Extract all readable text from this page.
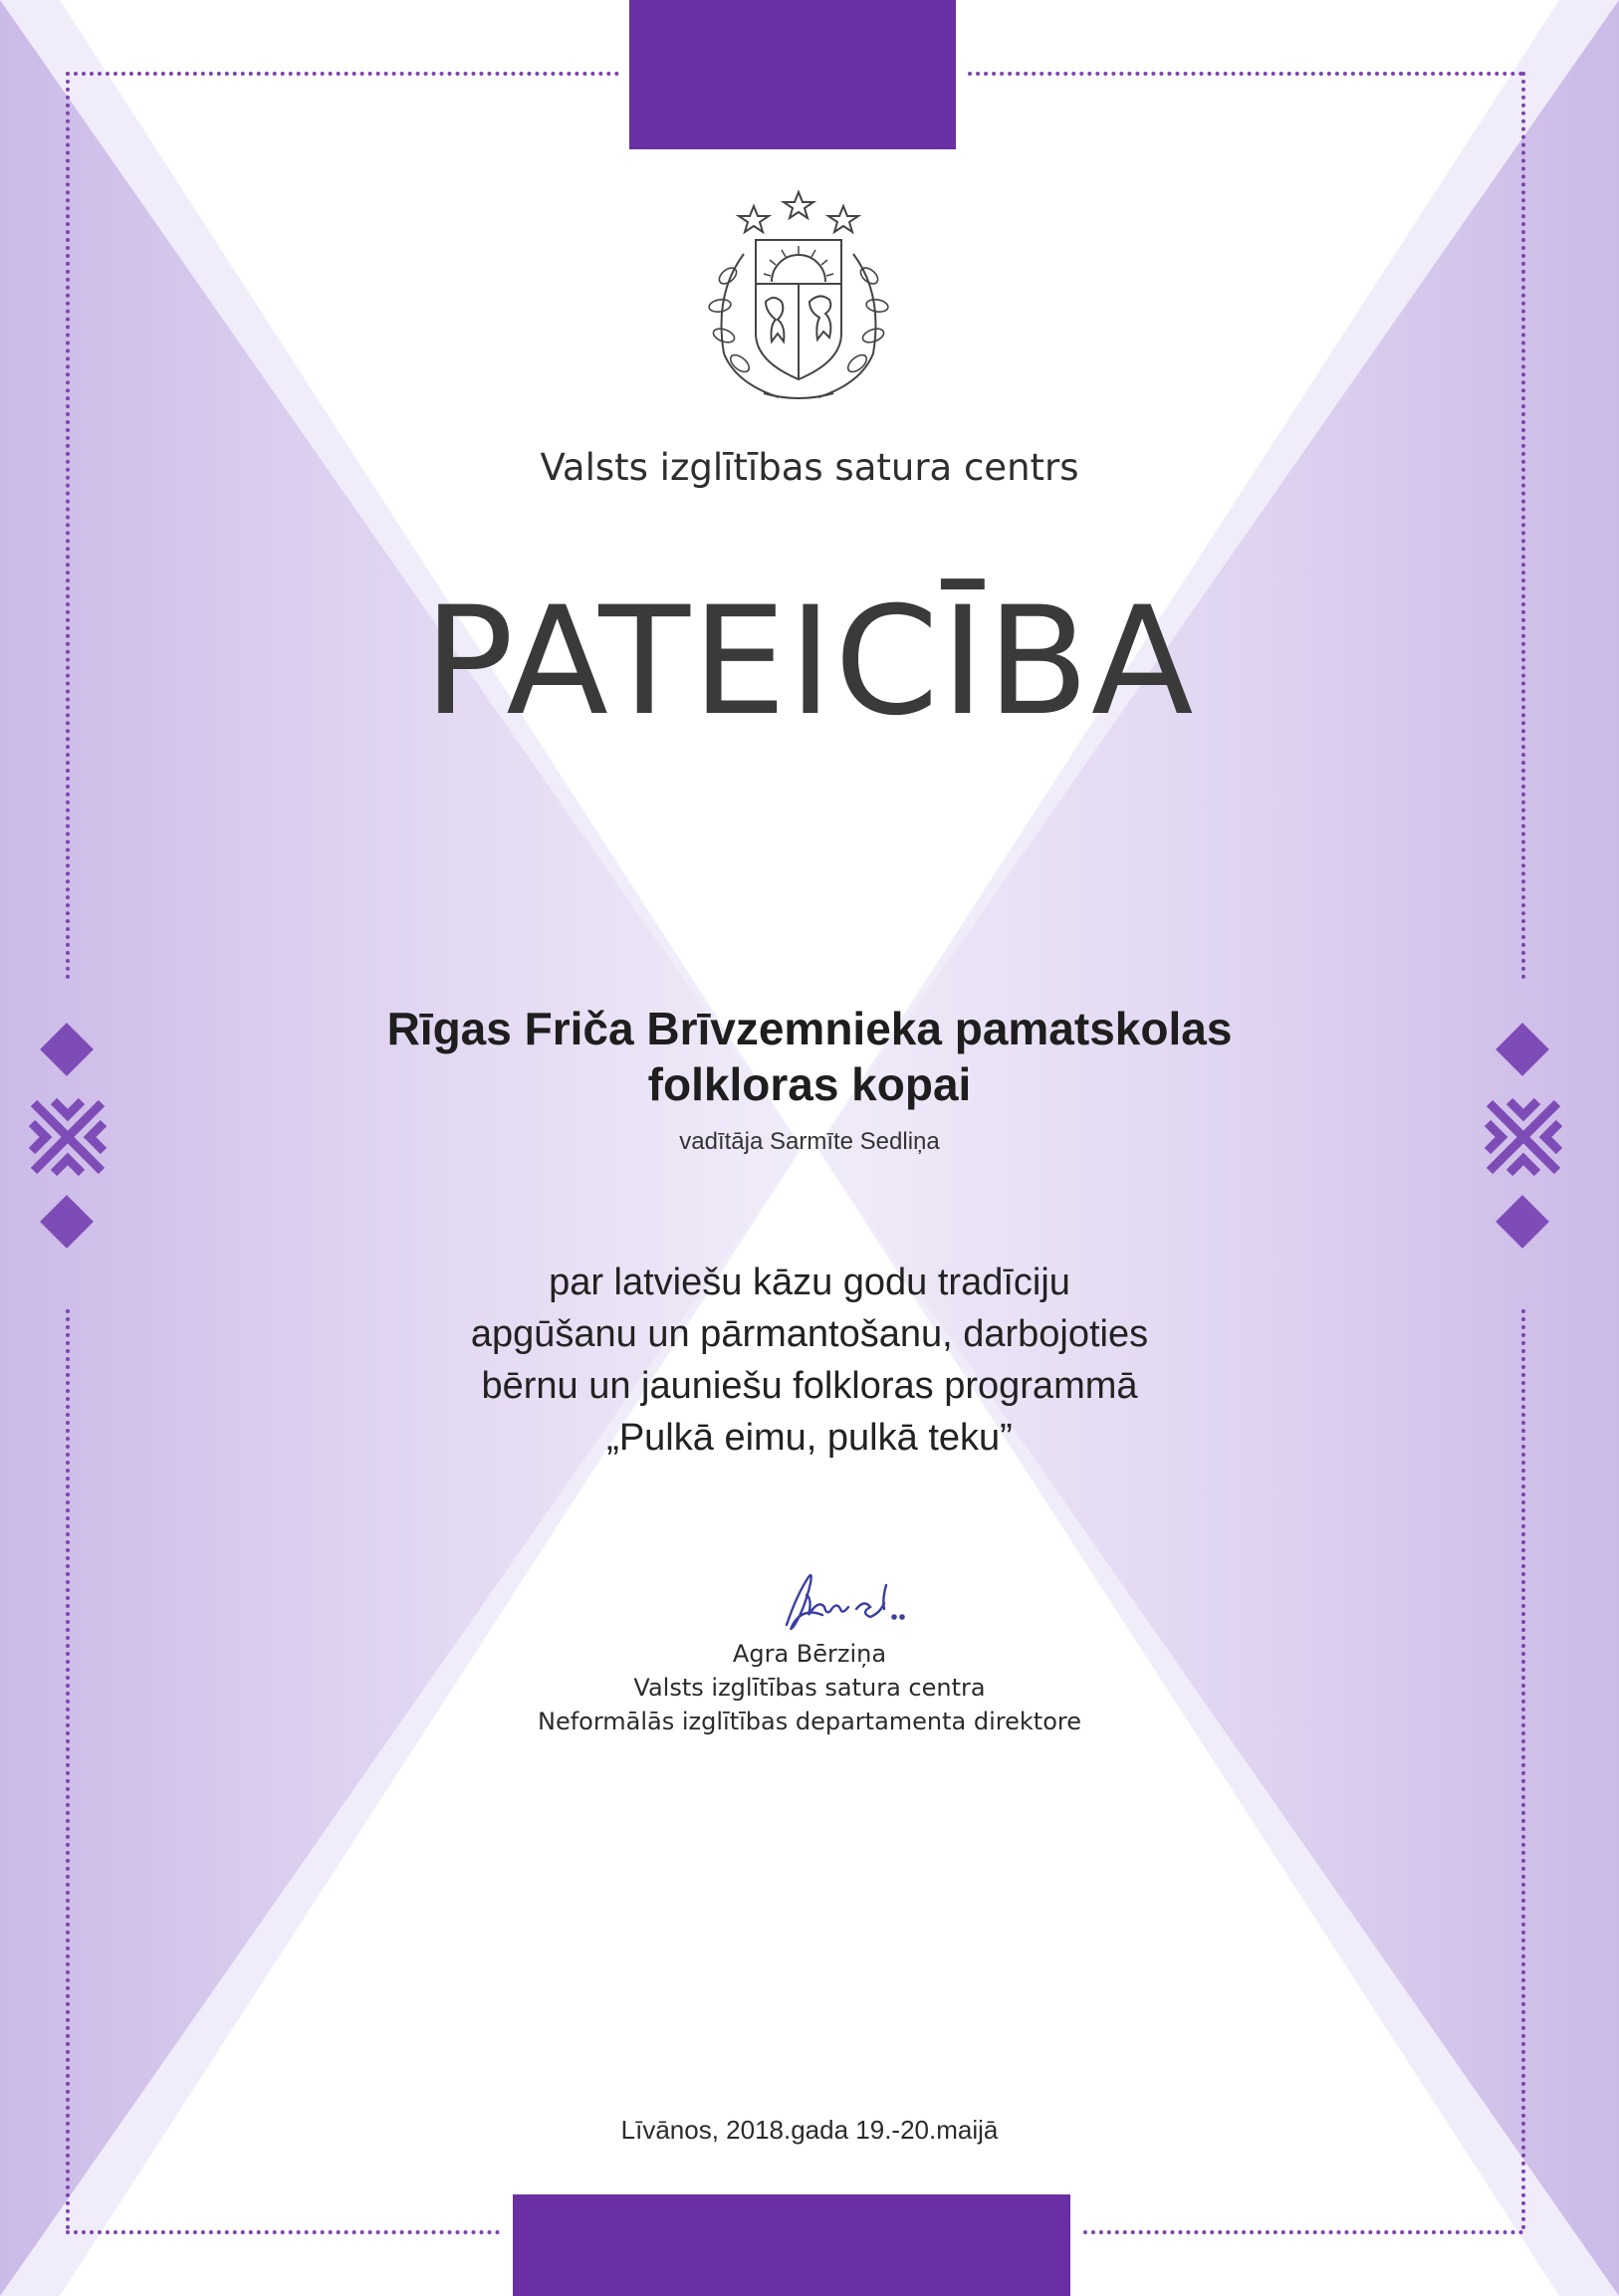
Valsts izglītības satura centrs
PATEICĪBA
Rīgas Friča Brīvzemnieka pamatskolas
folkloras kopai
vadītāja Sarmīte Sedliņa
par latviešu kāzu godu tradīciju
apgūšanu un pārmantošanu, darbojoties
bērnu un jauniešu folkloras programmā
„Pulkā eimu, pulkā teku”
Agra Bērziņa
Valsts izglītības satura centra
Neformālās izglītības departamenta direktore
Līvānos, 2018.gada 19.-20.maijā
